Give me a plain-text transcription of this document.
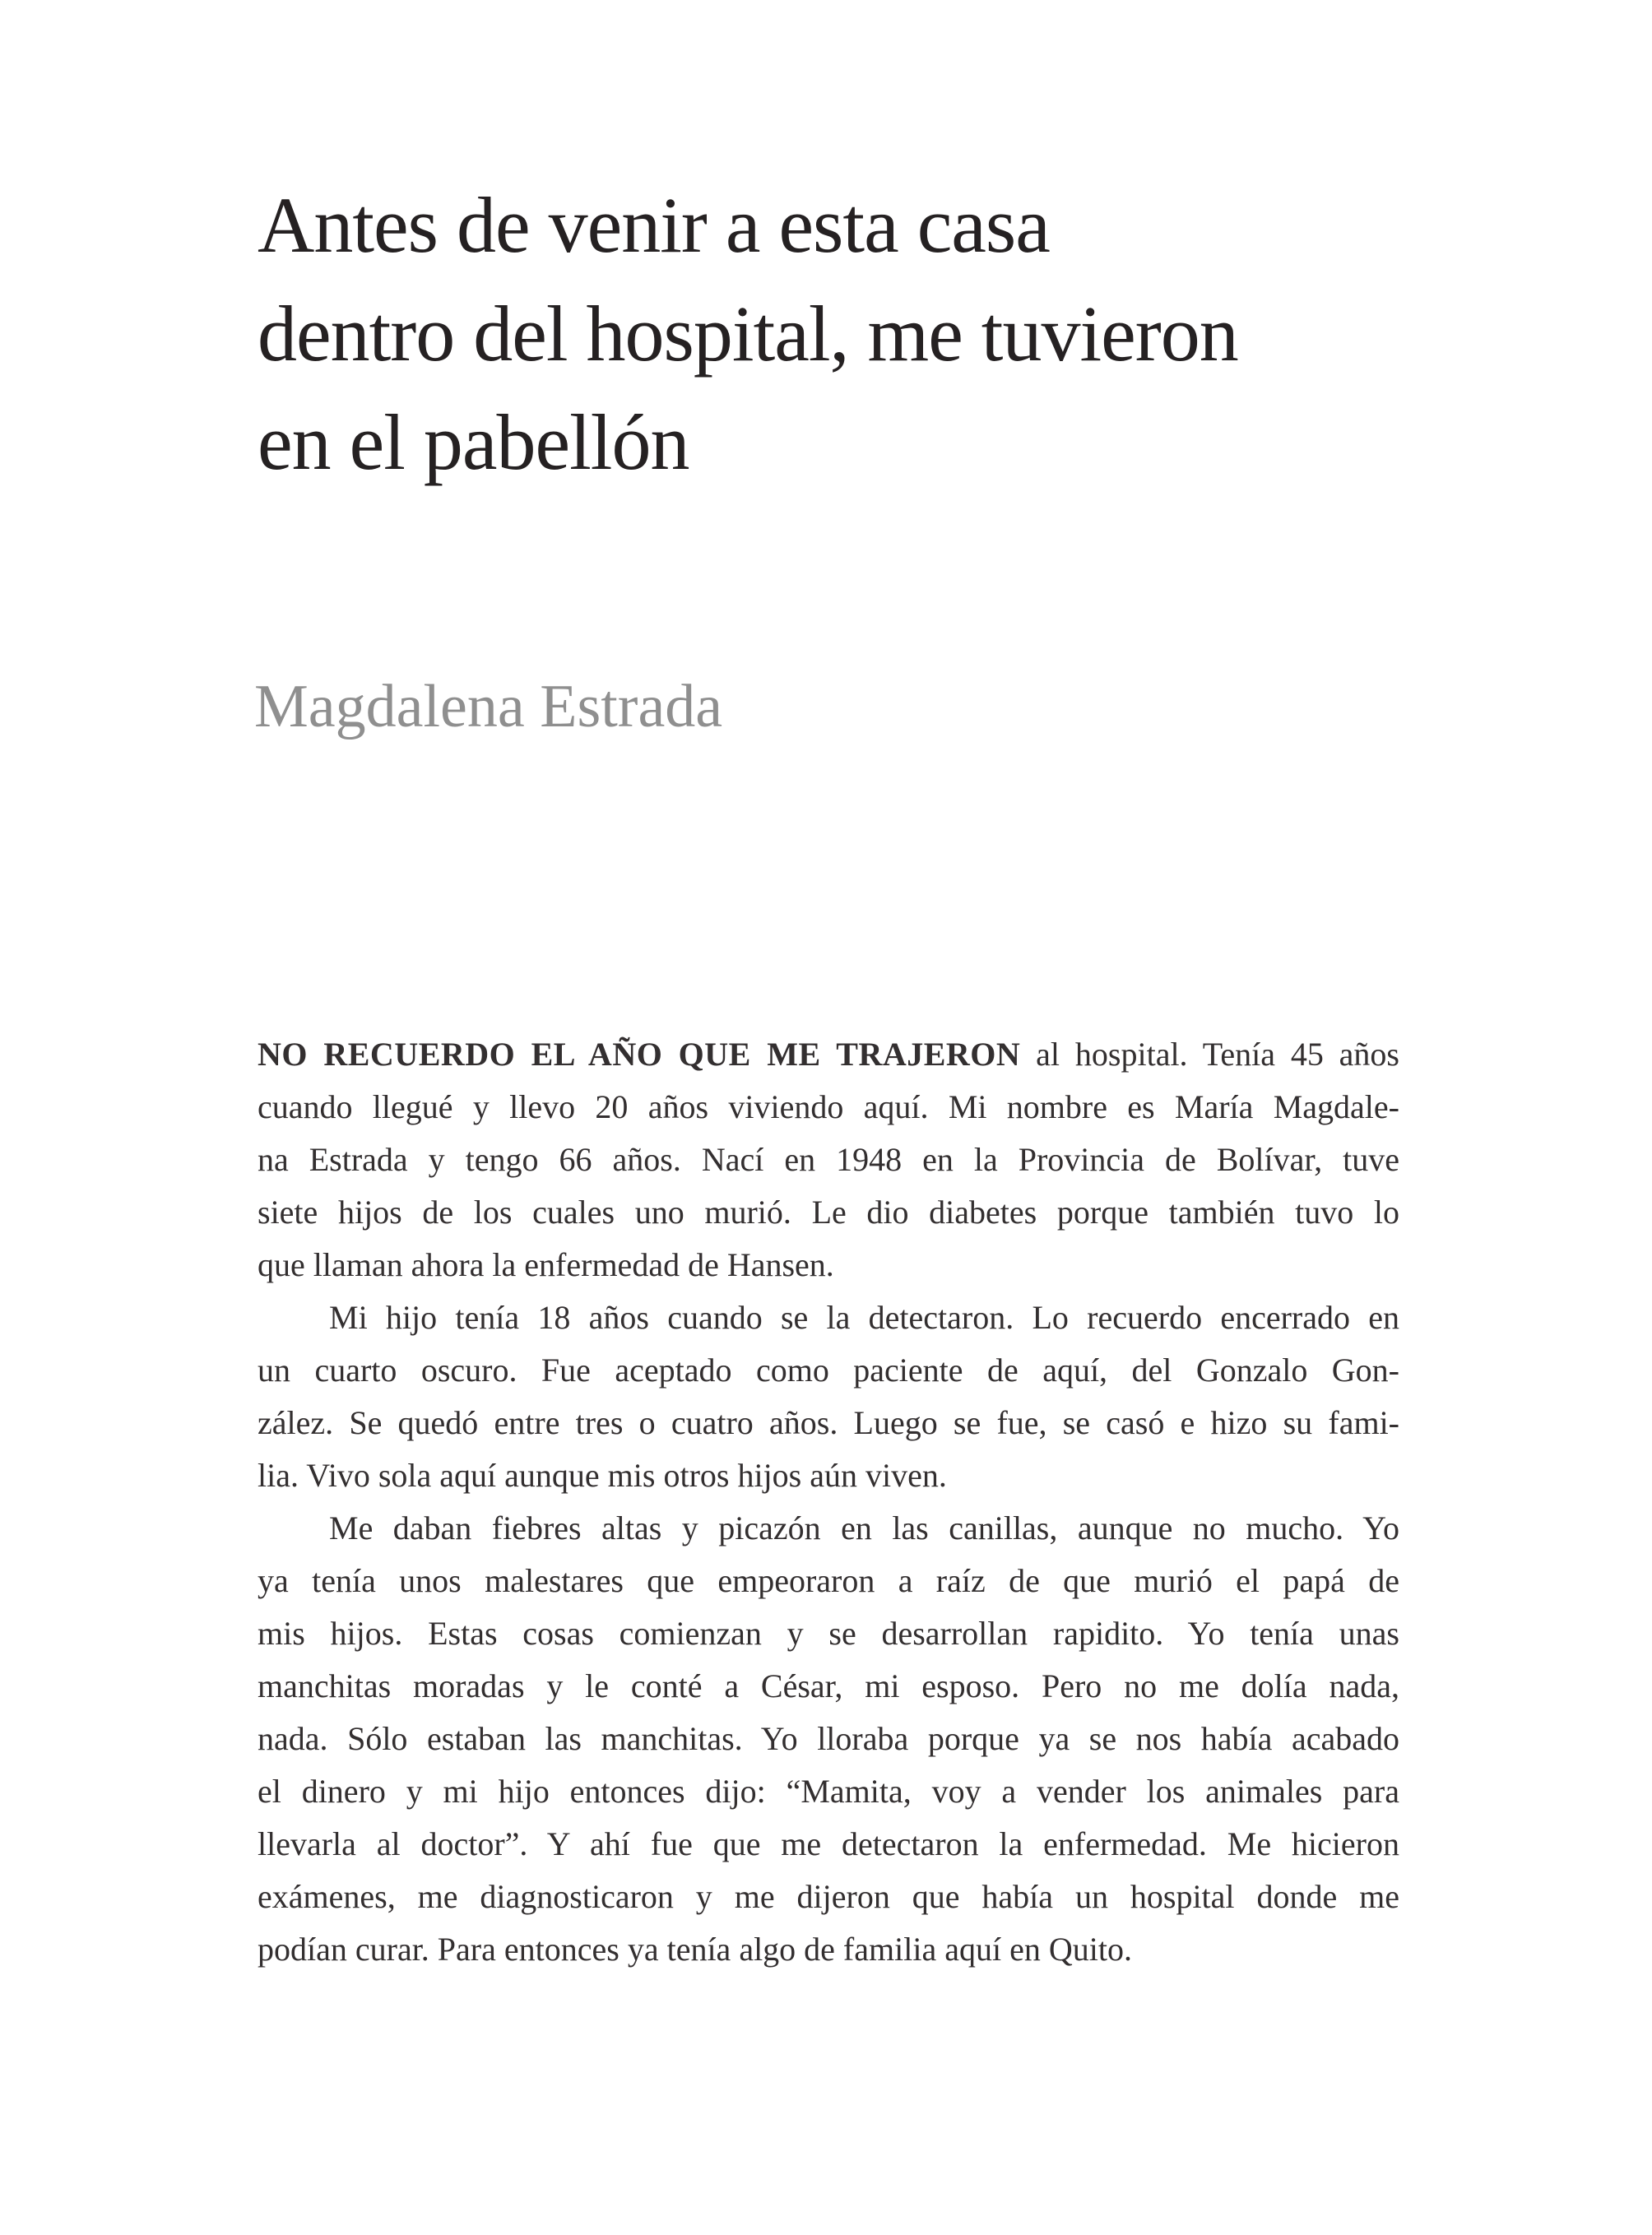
Antes de venir a esta casa
dentro del hospital, me tuvieron
en el pabellón
Magdalena Estrada
NO RECUERDO EL AÑO QUE ME TRAJERON al hospital. Tenía 45 años
cuando llegué y llevo 20 años viviendo aquí. Mi nombre es María Magdale-
na Estrada y tengo 66 años. Nací en 1948 en la Provincia de Bolívar, tuve
siete hijos de los cuales uno murió. Le dio diabetes porque también tuvo lo
que llaman ahora la enfermedad de Hansen.
Mi hijo tenía 18 años cuando se la detectaron. Lo recuerdo encerrado en
un cuarto oscuro. Fue aceptado como paciente de aquí, del Gonzalo Gon-
zález. Se quedó entre tres o cuatro años. Luego se fue, se casó e hizo su fami-
lia. Vivo sola aquí aunque mis otros hijos aún viven.
Me daban fiebres altas y picazón en las canillas, aunque no mucho. Yo
ya tenía unos malestares que empeoraron a raíz de que murió el papá de
mis hijos. Estas cosas comienzan y se desarrollan rapidito. Yo tenía unas
manchitas moradas y le conté a César, mi esposo. Pero no me dolía nada,
nada. Sólo estaban las manchitas. Yo lloraba porque ya se nos había acabado
el dinero y mi hijo entonces dijo: “Mamita, voy a vender los animales para
llevarla al doctor”. Y ahí fue que me detectaron la enfermedad. Me hicieron
exámenes, me diagnosticaron y me dijeron que había un hospital donde me
podían curar. Para entonces ya tenía algo de familia aquí en Quito.
